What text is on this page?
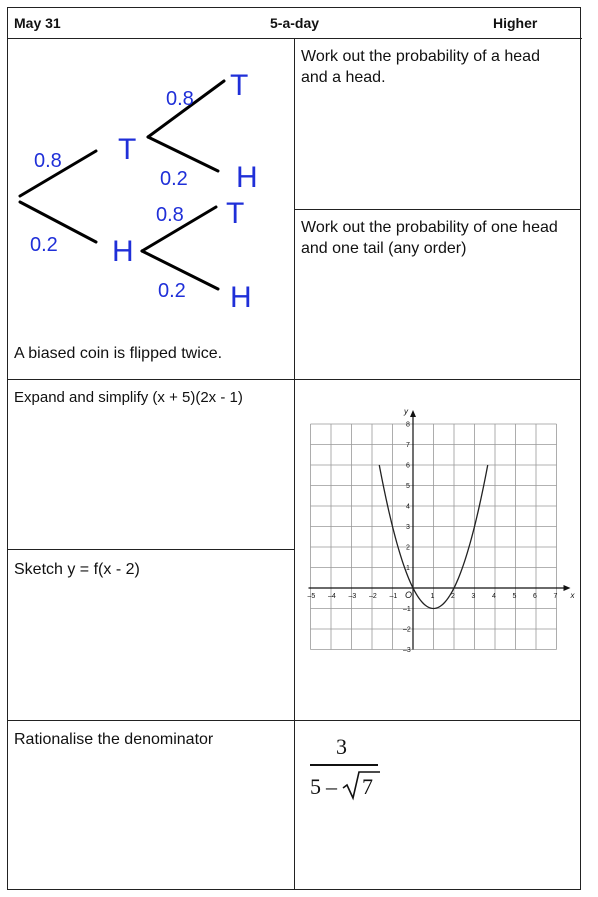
May 31	5-a-day	Higher
0.8
0.2
0.8
0.2
0.8
0.2
T
H
T
H
T
H
A biased coin is flipped twice.
Work out the probability of a head and a head.
Work out the probability of one head and one tail (any order)
Expand and simplify (x + 5)(2x - 1)
Sketch y = f(x - 2)
x
y
–5 –4 –3 –2 –1 O	1 2 3 4 5 6 7
8
7
6
5
4
3
2
1
–1
–2
–3
Rationalise the denominator	3
5 – 7
